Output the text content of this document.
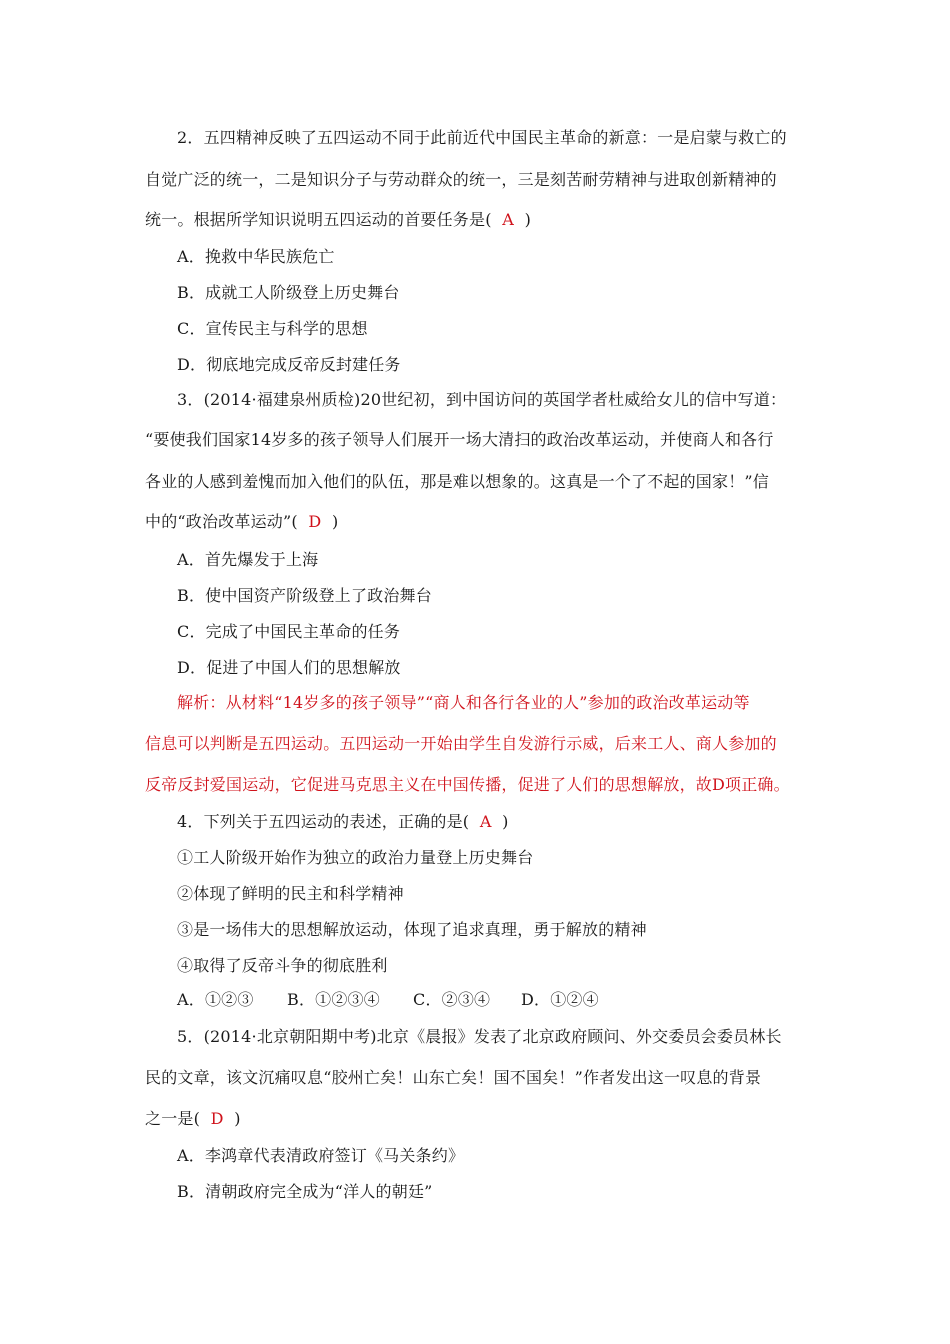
2．五四精神反映了五四运动不同于此前近代中国民主革命的新意：一是启蒙与救亡的
自觉广泛的统一，二是知识分子与劳动群众的统一，三是刻苦耐劳精神与进取创新精神的
统一。根据所学知识说明五四运动的首要任务是( A )
A．挽救中华民族危亡
B．成就工人阶级登上历史舞台
C．宣传民主与科学的思想
D．彻底地完成反帝反封建任务
3．(2014·福建泉州质检)20世纪初，到中国访问的英国学者杜威给女儿的信中写道：
“要使我们国家14岁多的孩子领导人们展开一场大清扫的政治改革运动，并使商人和各行
各业的人感到羞愧而加入他们的队伍，那是难以想象的。这真是一个了不起的国家！”信
中的“政治改革运动”( D )
A．首先爆发于上海
B．使中国资产阶级登上了政治舞台
C．完成了中国民主革命的任务
D．促进了中国人们的思想解放
解析：从材料“14岁多的孩子领导”“商人和各行各业的人”参加的政治改革运动等
信息可以判断是五四运动。五四运动一开始由学生自发游行示威，后来工人、商人参加的
反帝反封爱国运动，它促进马克思主义在中国传播，促进了人们的思想解放，故D项正确。
4．下列关于五四运动的表述，正确的是( A )
①工人阶级开始作为独立的政治力量登上历史舞台
②体现了鲜明的民主和科学精神
③是一场伟大的思想解放运动，体现了追求真理，勇于解放的精神
④取得了反帝斗争的彻底胜利
A．①②③ B．①②③④ C．②③④ D．①②④
5．(2014·北京朝阳期中考)北京《晨报》发表了北京政府顾问、外交委员会委员林长
民的文章，该文沉痛叹息“胶州亡矣！山东亡矣！国不国矣！”作者发出这一叹息的背景
之一是( D )
A．李鸿章代表清政府签订《马关条约》
B．清朝政府完全成为“洋人的朝廷”
